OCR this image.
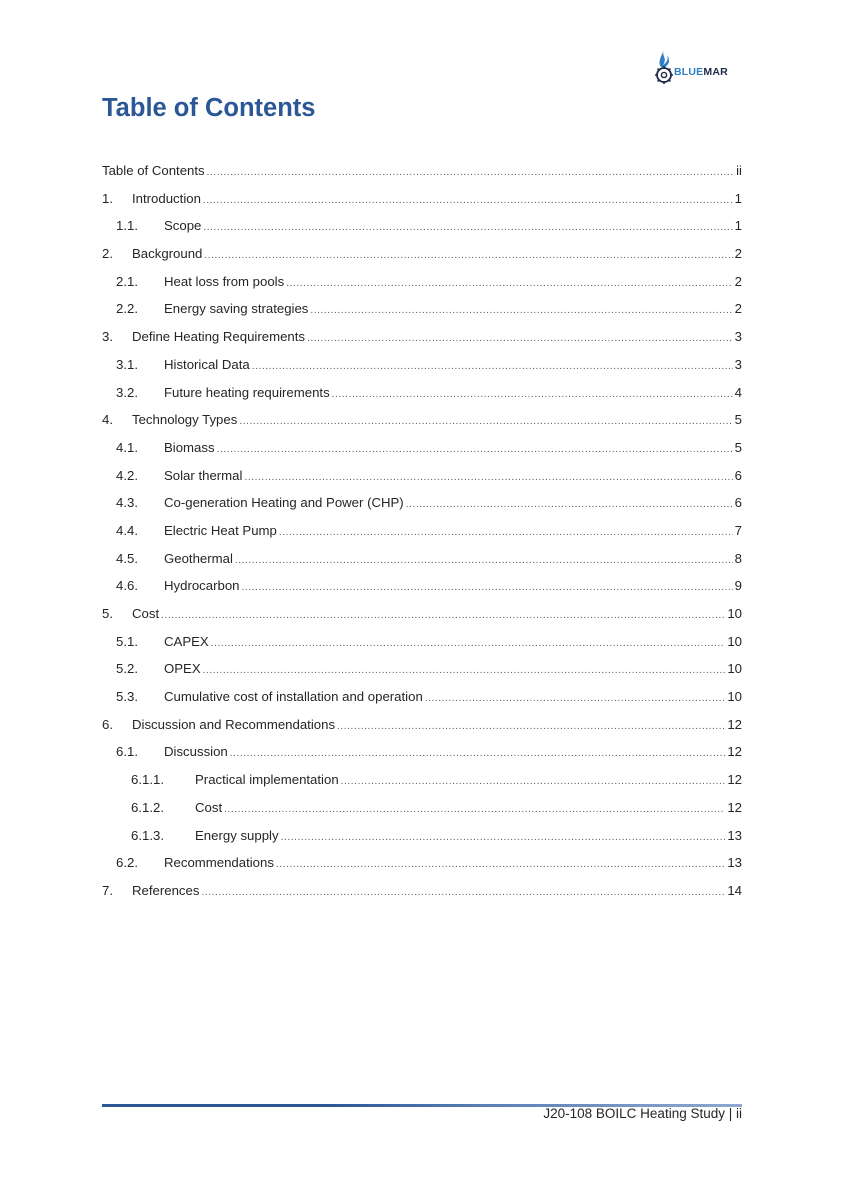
BLUEMAR
Table of Contents
Table of Contents .....	ii
1.	Introduction .....	1
1.1.	Scope .....	1
2.	Background .....	2
2.1.	Heat loss from pools .....	2
2.2.	Energy saving strategies .....	2
3.	Define Heating Requirements .....	3
3.1.	Historical Data .....	3
3.2.	Future heating requirements .....	4
4.	Technology Types .....	5
4.1.	Biomass .....	5
4.2.	Solar thermal .....	6
4.3.	Co-generation Heating and Power (CHP) .....	6
4.4.	Electric Heat Pump .....	7
4.5.	Geothermal .....	8
4.6.	Hydrocarbon .....	9
5.	Cost .....	10
5.1.	CAPEX .....	10
5.2.	OPEX .....	10
5.3.	Cumulative cost of installation and operation .....	10
6.	Discussion and Recommendations .....	12
6.1.	Discussion .....	12
6.1.1.	Practical implementation .....	12
6.1.2.	Cost .....	12
6.1.3.	Energy supply .....	13
6.2.	Recommendations .....	13
7.	References .....	14
J20-108 BOILC Heating Study | ii
